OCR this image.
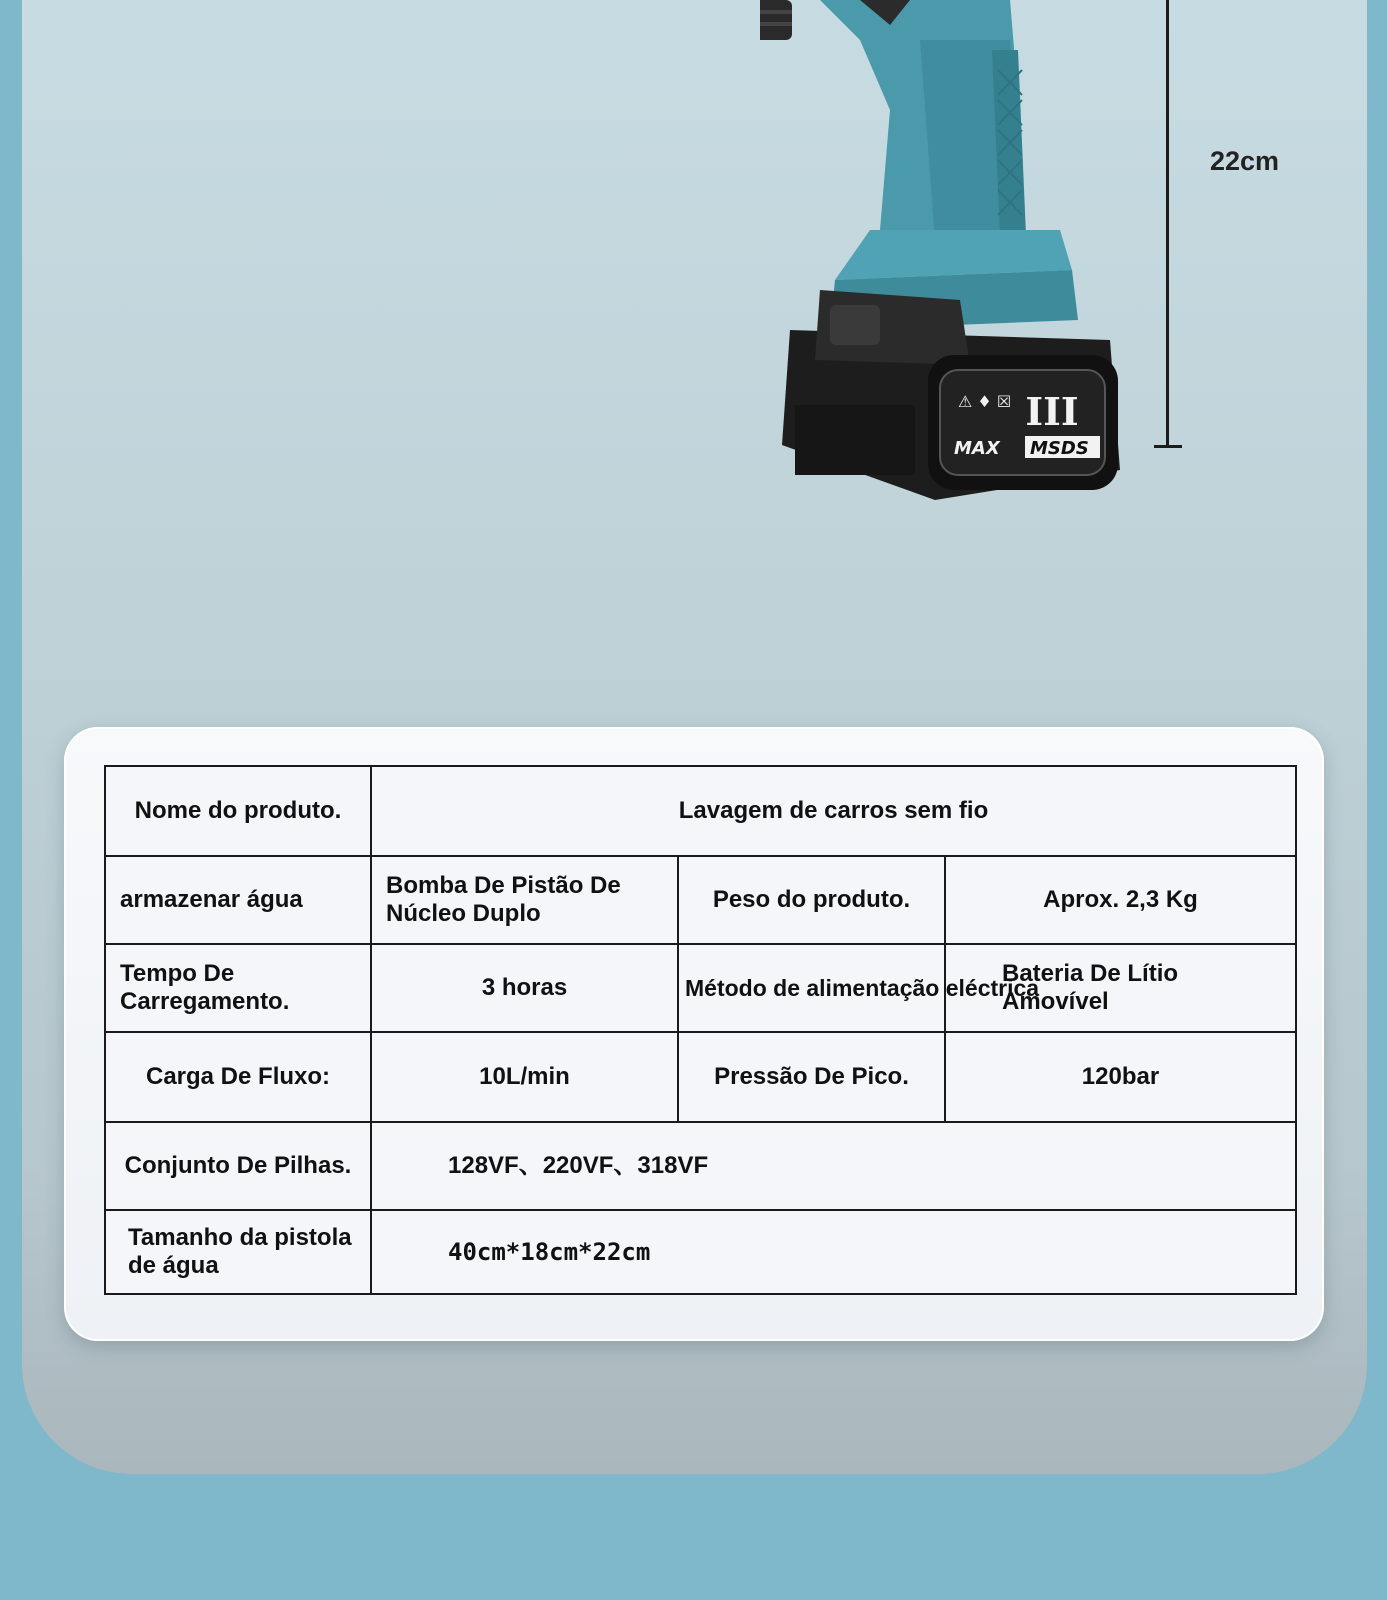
III
⚠ ♦ ☒
MAX MSDS
22cm
Nome do produto.	Lavagem de carros sem fio		
armazenar água	Bomba De Pistão De Núcleo Duplo	Peso do produto.	Aprox. 2,3 Kg
Tempo De Carregamento.	3 horas	Método de alimentação eléctrica	Bateria De Lítio Amovível
Carga De Fluxo:	10L/min	Pressão De Pico.	120bar
Conjunto De Pilhas.	128VF、220VF、318VF		
Tamanho da pistola de água	40cm*18cm*22cm		
